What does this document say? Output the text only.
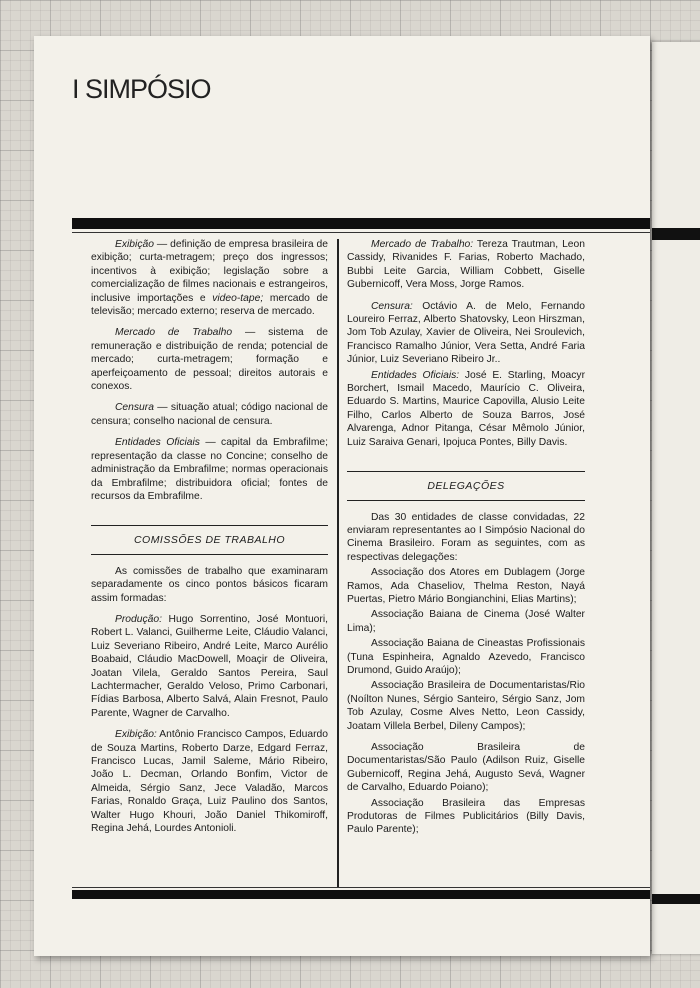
I SIMPÓSIO

Exibição — definição de empresa brasileira de exibição; curta-metragem; preço dos ingressos; incentivos à exibição; legislação sobre a comercialização de filmes nacionais e estrangeiros, inclusive importações e video-tape; mercado de televisão; mercado externo; reserva de mercado.

Mercado de Trabalho — sistema de remuneração e distribuição de renda; potencial de mercado; curta-metragem; formação e aperfeiçoamento de pessoal; direitos autorais e conexos.

Censura — situação atual; código nacional de censura; conselho nacional de censura.

Entidades Oficiais — capital da Embrafilme; representação da classe no Concine; conselho de administração da Embrafilme; normas operacionais da Embrafilme; distribuidora oficial; fontes de recursos da Embrafilme.

COMISSÕES DE TRABALHO

As comissões de trabalho que examinaram separadamente os cinco pontos básicos ficaram assim formadas:

Produção: Hugo Sorrentino, José Montuori, Robert L. Valanci, Guilherme Leite, Cláudio Valanci, Luiz Severiano Ribeiro, André Leite, Marco Aurélio Boabaid, Cláudio MacDowell, Moaçir de Oliveira, Joatan Vilela, Geraldo Santos Pereira, Saul Lachtermacher, Geraldo Veloso, Primo Carbonari, Fídias Barbosa, Alberto Salvá, Alain Fresnot, Paulo Parente, Wagner de Carvalho.

Exibição: Antônio Francisco Campos, Eduardo de Souza Martins, Roberto Darze, Edgard Ferraz, Francisco Lucas, Jamil Saleme, Mário Ribeiro, João L. Decman, Orlando Bonfim, Victor de Almeida, Sérgio Sanz, Jece Valadão, Marcos Farias, Ronaldo Graça, Luiz Paulino dos Santos, Walter Hugo Khouri, João Daniel Thikomiroff, Regina Jehá, Lourdes Antonioli.

Mercado de Trabalho: Tereza Trautman, Leon Cassidy, Rivanides F. Farias, Roberto Machado, Bubbi Leite Garcia, William Cobbett, Giselle Gubernicoff, Vera Moss, Jorge Ramos.

Censura: Octávio A. de Melo, Fernando Loureiro Ferraz, Alberto Shatovsky, Leon Hirszman, Jom Tob Azulay, Xavier de Oliveira, Nei Sroulevich, Francisco Ramalho Júnior, Vera Setta, André Faria Júnior, Luiz Severiano Ribeiro Jr..

Entidades Oficiais: José E. Starling, Moacyr Borchert, Ismail Macedo, Maurício C. Oliveira, Eduardo S. Martins, Maurice Capovilla, Alusio Leite Filho, Carlos Alberto de Souza Barros, José Alvarenga, Adnor Pitanga, César Mêmolo Júnior, Luiz Saraiva Genari, Ipojuca Pontes, Billy Davis.

DELEGAÇÕES

Das 30 entidades de classe convidadas, 22 enviaram representantes ao I Simpósio Nacional do Cinema Brasileiro. Foram as seguintes, com as respectivas delegações:

Associação dos Atores em Dublagem (Jorge Ramos, Ada Chaseliov, Thelma Reston, Nayá Puertas, Pietro Mário Bongianchini, Elias Martins);

Associação Baiana de Cinema (José Walter Lima);

Associação Baiana de Cineastas Profissionais (Tuna Espinheira, Agnaldo Azevedo, Francisco Drumond, Guido Araújo);

Associação Brasileira de Documentaristas/Rio (Noílton Nunes, Sérgio Santeiro, Sérgio Sanz, Jom Tob Azulay, Cosme Alves Netto, Leon Cassidy, Joatam Villela Berbel, Dileny Campos);

Associação Brasileira de Documentaristas/São Paulo (Adilson Ruiz, Giselle Gubernicoff, Regina Jehá, Augusto Sevá, Wagner de Carvalho, Eduardo Poiano);

Associação Brasileira das Empresas Produtoras de Filmes Publicitários (Billy Davis, Paulo Parente);
